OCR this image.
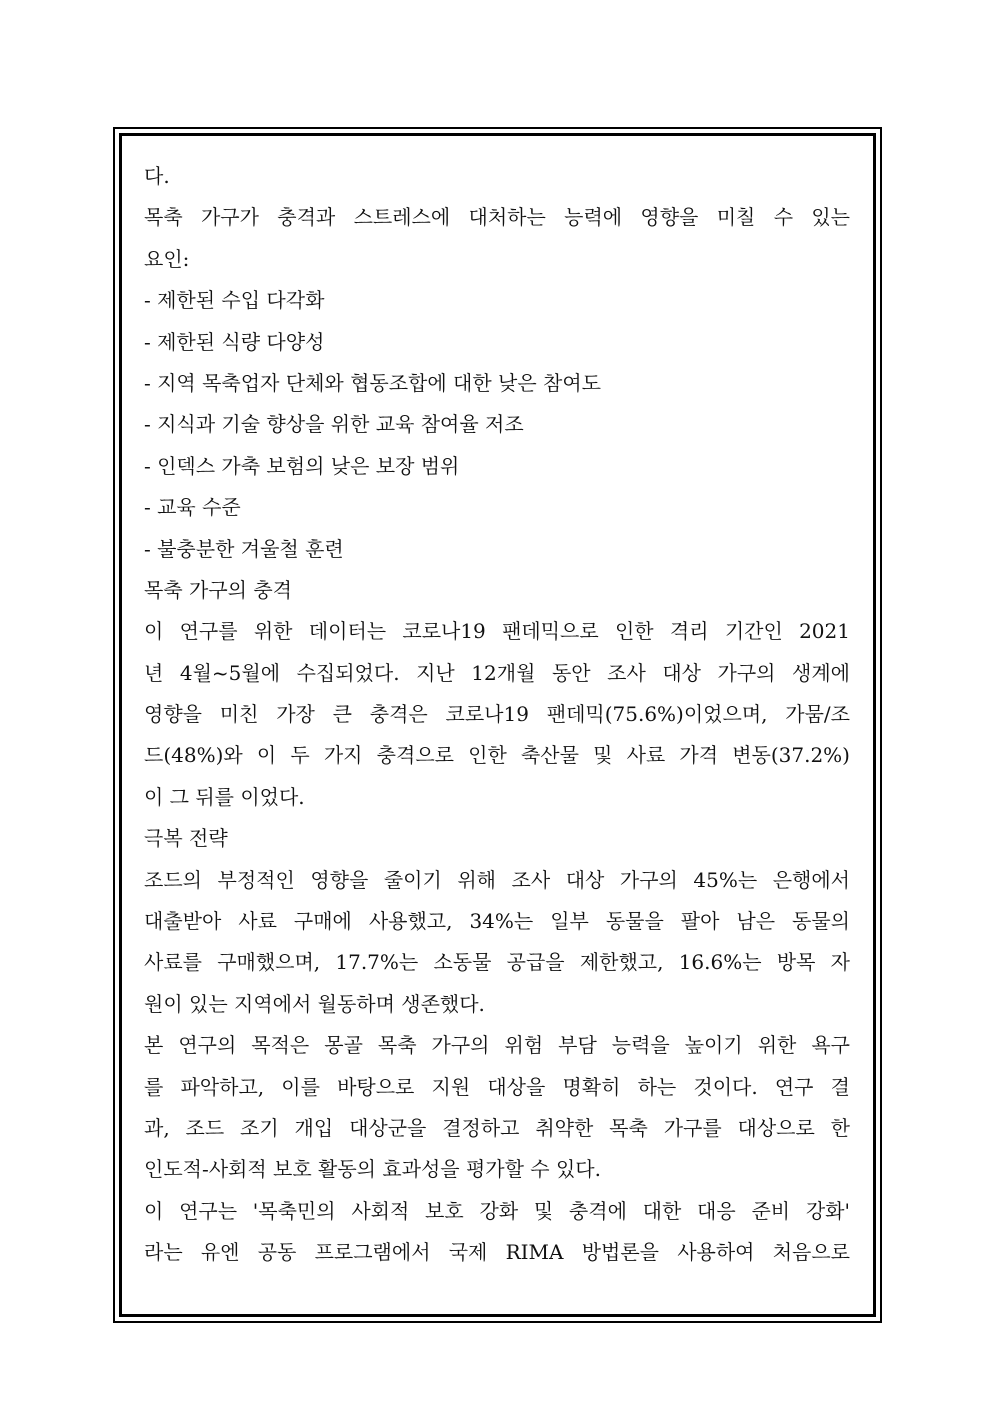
다.
목축 가구가 충격과 스트레스에 대처하는 능력에 영향을 미칠 수 있는
요인:
- 제한된 수입 다각화
- 제한된 식량 다양성
- 지역 목축업자 단체와 협동조합에 대한 낮은 참여도
- 지식과 기술 향상을 위한 교육 참여율 저조
- 인덱스 가축 보험의 낮은 보장 범위
- 교육 수준
- 불충분한 겨울철 훈련
목축 가구의 충격
이 연구를 위한 데이터는 코로나19 팬데믹으로 인한 격리 기간인 2021
년 4월~5월에 수집되었다. 지난 12개월 동안 조사 대상 가구의 생계에
영향을 미친 가장 큰 충격은 코로나19 팬데믹(75.6%)이었으며, 가뭄/조
드(48%)와 이 두 가지 충격으로 인한 축산물 및 사료 가격 변동(37.2%)
이 그 뒤를 이었다.
극복 전략
조드의 부정적인 영향을 줄이기 위해 조사 대상 가구의 45%는 은행에서
대출받아 사료 구매에 사용했고, 34%는 일부 동물을 팔아 남은 동물의
사료를 구매했으며, 17.7%는 소동물 공급을 제한했고, 16.6%는 방목 자
원이 있는 지역에서 월동하며 생존했다.
본 연구의 목적은 몽골 목축 가구의 위험 부담 능력을 높이기 위한 욕구
를 파악하고, 이를 바탕으로 지원 대상을 명확히 하는 것이다. 연구 결
과, 조드 조기 개입 대상군을 결정하고 취약한 목축 가구를 대상으로 한
인도적-사회적 보호 활동의 효과성을 평가할 수 있다.
이 연구는 '목축민의 사회적 보호 강화 및 충격에 대한 대응 준비 강화'
라는 유엔 공동 프로그램에서 국제 RIMA 방법론을 사용하여 처음으로
